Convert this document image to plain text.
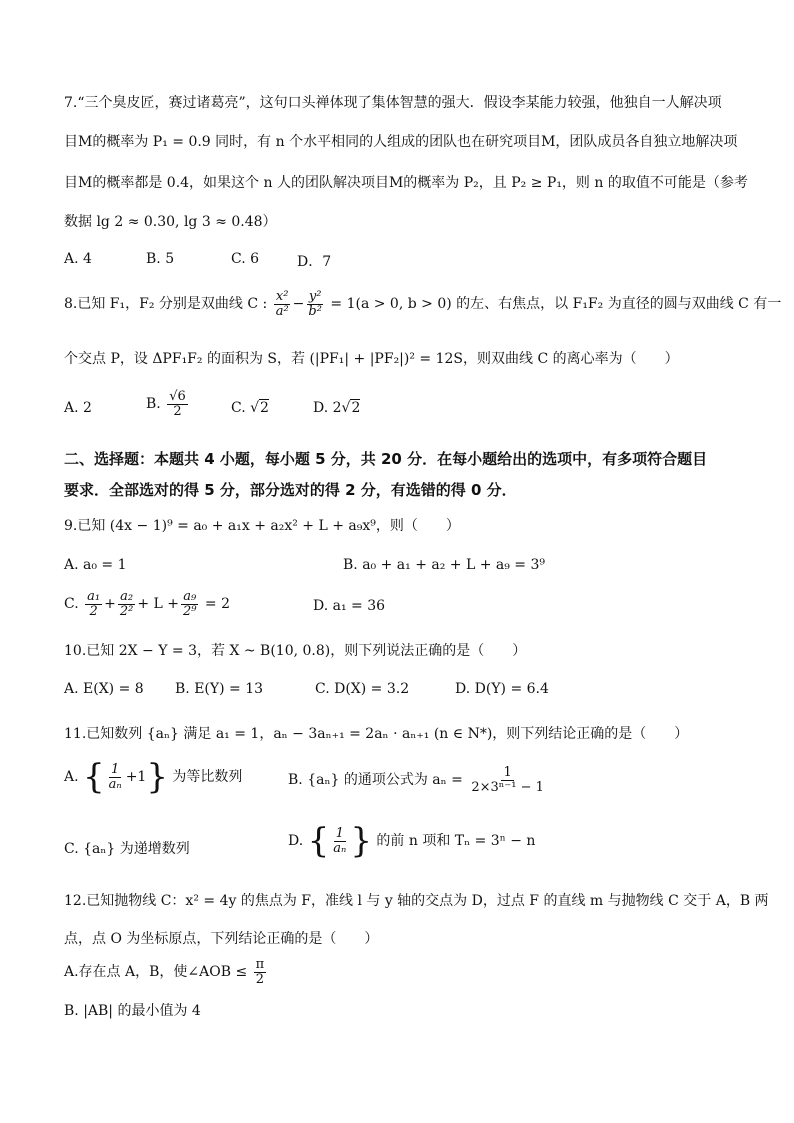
7.“三个臭皮匠，赛过诸葛亮”，这句口头禅体现了集体智慧的强大．假设李某能力较强，他独自一人解决项
目M的概率为 P₁ = 0.9 同时，有 n 个水平相同的人组成的团队也在研究项目M，团队成员各自独立地解决项
目M的概率都是 0.4，如果这个 n 人的团队解决项目M的概率为 P₂，且 P₂ ≥ P₁，则 n 的取值不可能是（参考
数据 lg 2 ≈ 0.30, lg 3 ≈ 0.48）
A. 4	B. 5	C. 6	D．7
8.已知 F₁，F₂ 分别是双曲线 C : $\frac{\text{x²}}{\text{a²}} - \frac{\text{y²}}{\text{b²}} = 1(a > 0$, b > 0) 的左、右焦点，以 F₁F₂ 为直径的圆与双曲线 C 有一
个交点 P，设 ΔPF₁F₂ 的面积为 S，若 (|PF₁| + |PF₂|)² = 12S，则双曲线 C 的离心率为（　　）
A. 2	B. $\frac{√6}{2}$	C. √2	D. 2√2
二、选择题：本题共 4 小题，每小题 5 分，共 20 分．在每小题给出的选项中，有多项符合题目
要求．全部选对的得 5 分，部分选对的得 2 分，有选错的得 0 分．
9.已知 (4x − 1)⁹ = a₀ + a₁x + a₂x² + L + a₉x⁹，则（　　）
A. a₀ = 1	B. a₀ + a₁ + a₂ + L + a₉ = 3⁹
C. $\frac{\text{a₁}}{2} + \frac{\text{a₂}}{\text{2²}} + L + \frac{\text{a₉}}{\text{2⁹}} = 2$	D. a₁ = 36
10.已知 2X − Y = 3，若 X ~ B(10, 0.8)，则下列说法正确的是（　　）
A. E(X) = 8 B. E(Y) = 13	C. D(X) = 3.2	D. D(Y) = 6.4
11.已知数列 {aₙ} 满足 a₁ = 1，aₙ − 3aₙ₊₁ = 2aₙ · aₙ₊₁ (n ∈ N*)，则下列结论正确的是（　　）
A. { $\frac{1}{\text{aₙ}} +1$} 为等比数列	B. {aₙ} 的通项公式为 $a_n = \frac{1}{\text{2×3ⁿ⁻¹ − 1}}$
C. {aₙ} 为递增数列	D. { $\frac{1}{\text{aₙ}}$ } 的前 n 项和 Tₙ = 3ⁿ − n
12.已知抛物线 C：x² = 4y 的焦点为 F，准线 l 与 y 轴的交点为 D，过点 F 的直线 m 与抛物线 C 交于 A，B 两
点，点 O 为坐标原点，下列结论正确的是（　　）
A.存在点 A，B，使∠AOB ≤ $\frac{\pi}{2}$
B. |AB| 的最小值为 4
